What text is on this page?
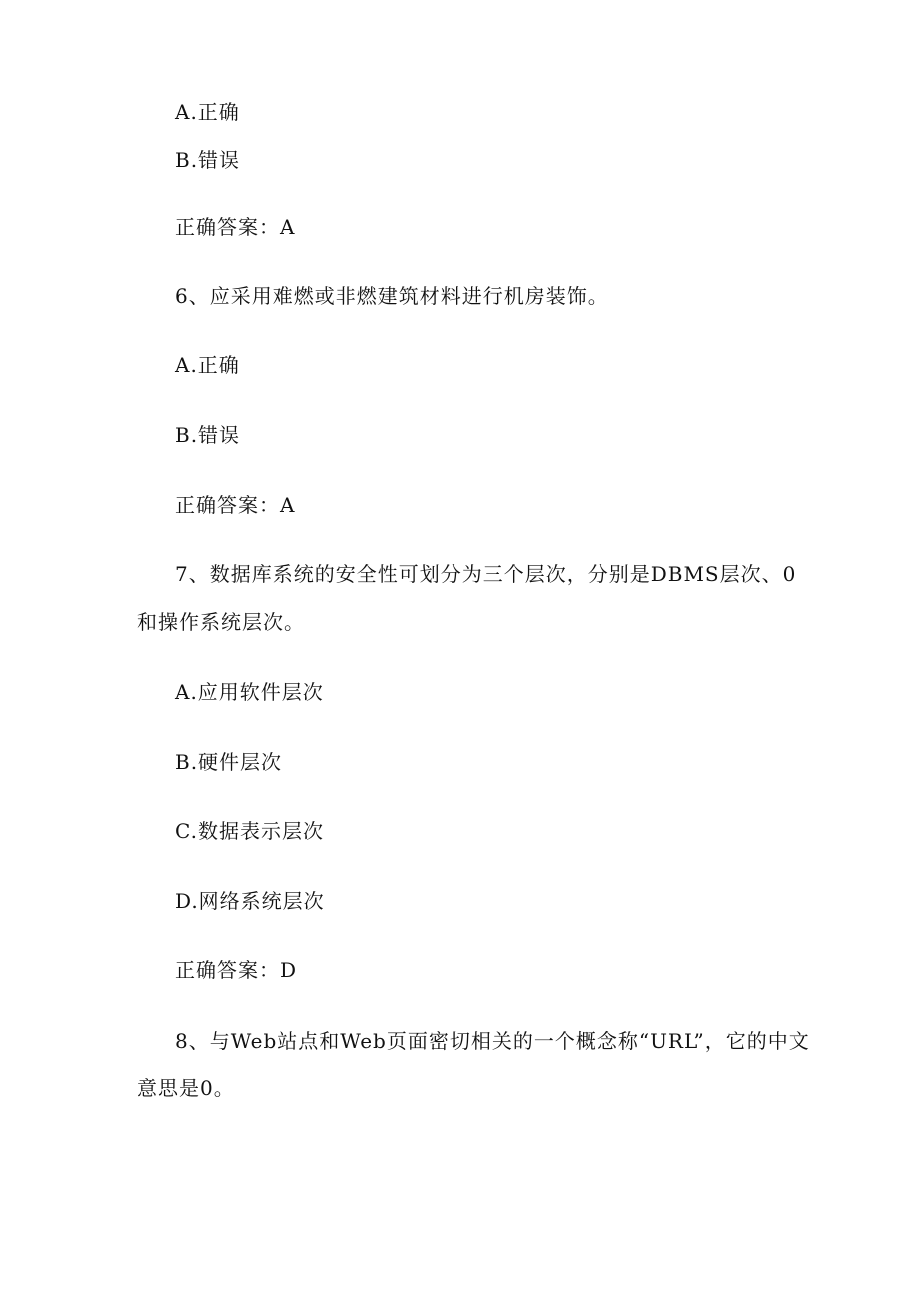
A.正确
B.错误
正确答案：A
6、应采用难燃或非燃建筑材料进行机房装饰。
A.正确
B.错误
正确答案：A
7、数据库系统的安全性可划分为三个层次，分别是DBMS层次、0
和操作系统层次。
A.应用软件层次
B.硬件层次
C.数据表示层次
D.网络系统层次
正确答案：D
8、与Web站点和Web页面密切相关的一个概念称“URL”，它的中文
意思是0。
